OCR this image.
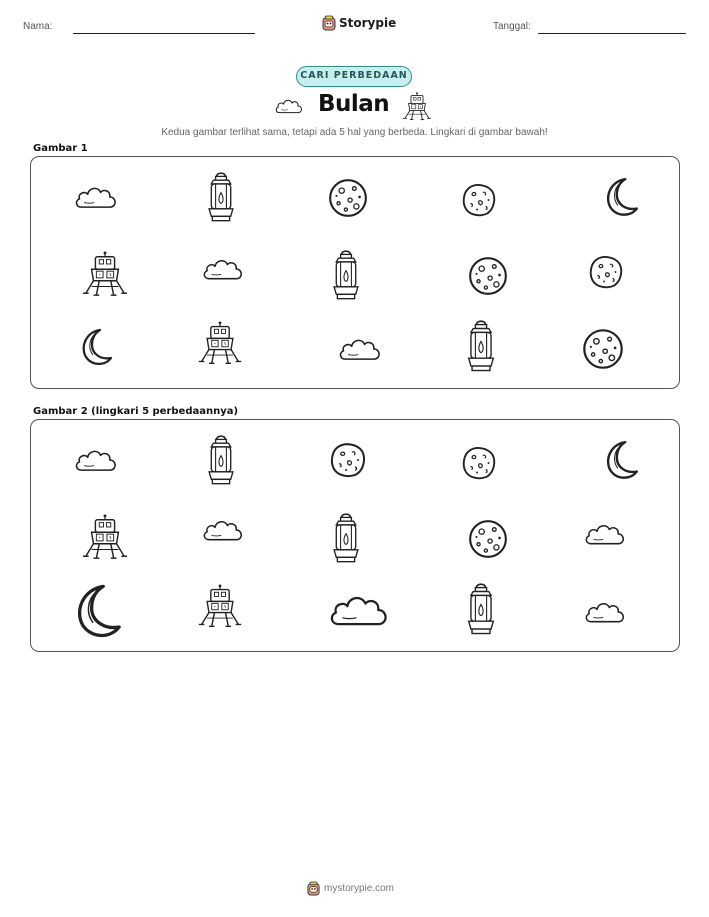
Nama:	Storypie	Tanggal:
CARI PERBEDAAN
Bulan
Kedua gambar terlihat sama, tetapi ada 5 hal yang berbeda. Lingkari di gambar bawah!
Gambar 1
Gambar 2 (lingkari 5 perbedaannya)
mystorypie.com
